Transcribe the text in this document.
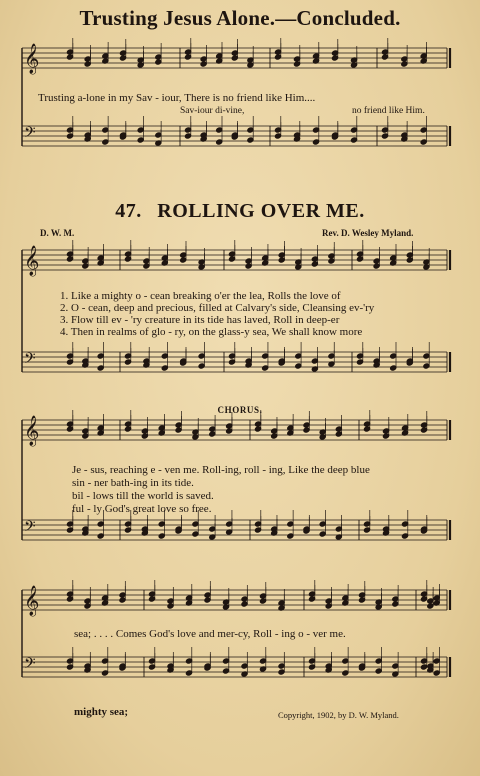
Trusting Jesus Alone.—Concluded.
Trusting a-lone in my Sav - iour, There is no friend like Him....
Sav-iour di-vine,	no friend like Him.
47. ROLLING OVER ME.
D. W. M.	Rev. D. Wesley Myland.
1. Like a mighty o - cean breaking o'er the lea, Rolls the love of
2. O - cean, deep and precious, filled at Calvary's side, Cleansing ev-'ry
3. Flow till ev - 'ry creature in its tide has laved, Roll in deep-er
4. Then in realms of glo - ry, on the glass-y sea, We shall know more
CHORUS.
Je - sus, reaching e - ven me. Roll-ing, roll - ing, Like the deep blue
sin - ner bath-ing in its tide.
bil - lows till the world is saved.
ful - ly God's great love so free.
sea; . . . . Comes God's love and mer-cy, Roll - ing o - ver me.
mighty sea;	Copyright, 1902, by D. W. Myland.
𝄞
𝄢
𝄞
𝄢
𝄞
𝄢
𝄞
𝄢
